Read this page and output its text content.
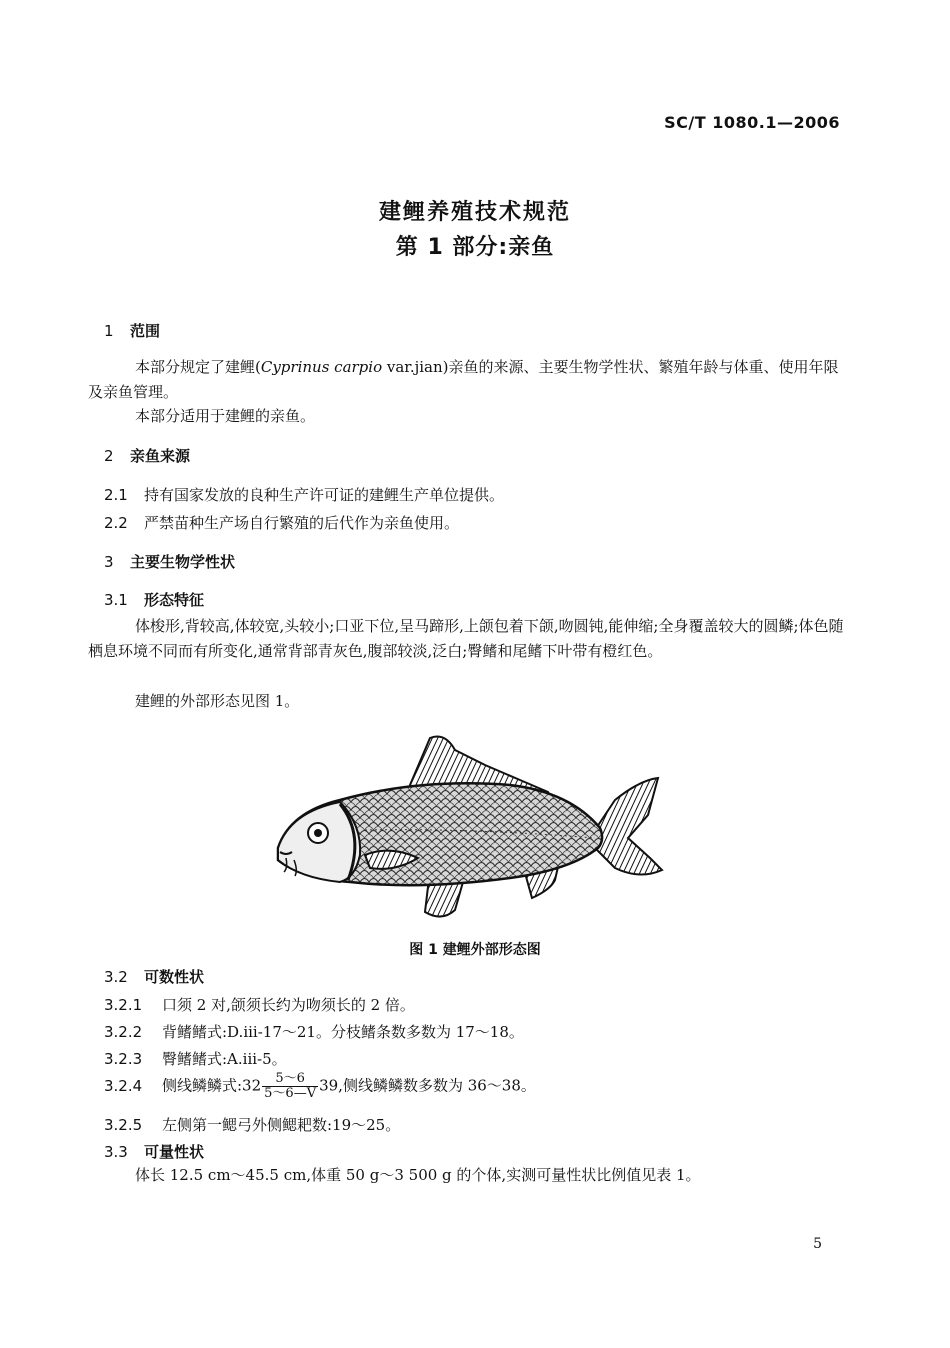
SC/T 1080.1—2006
建鲤养殖技术规范
第 1 部分:亲鱼
1 范围
本部分规定了建鲤(Cyprinus carpio var.jian)亲鱼的来源、主要生物学性状、繁殖年龄与体重、使用年限及亲鱼管理。
本部分适用于建鲤的亲鱼。
2 亲鱼来源
2.1 持有国家发放的良种生产许可证的建鲤生产单位提供。
2.2 严禁苗种生产场自行繁殖的后代作为亲鱼使用。
3 主要生物学性状
3.1 形态特征
体梭形,背较高,体较宽,头较小;口亚下位,呈马蹄形,上颌包着下颌,吻圆钝,能伸缩;全身覆盖较大的圆鳞;体色随栖息环境不同而有所变化,通常背部青灰色,腹部较淡,泛白;臀鳍和尾鳍下叶带有橙红色。
建鲤的外部形态见图 1。
图 1 建鲤外部形态图
3.2 可数性状
3.2.1 口须 2 对,颌须长约为吻须长的 2 倍。
3.2.2 背鳍鳍式:D.iii-17～21。分枝鳍条数多数为 17～18。
3.2.3 臀鳍鳍式:A.iii-5。
3.2.4 侧线鳞鳞式:32 $\frac{5\sim 6}{5\sim 6—V} 39$,侧线鳞鳞数多数为 36～38。
3.2.5 左侧第一鳃弓外侧鳃耙数:19～25。
3.3 可量性状
体长 12.5 cm～45.5 cm,体重 50 g～3 500 g 的个体,实测可量性状比例值见表 1。
5
